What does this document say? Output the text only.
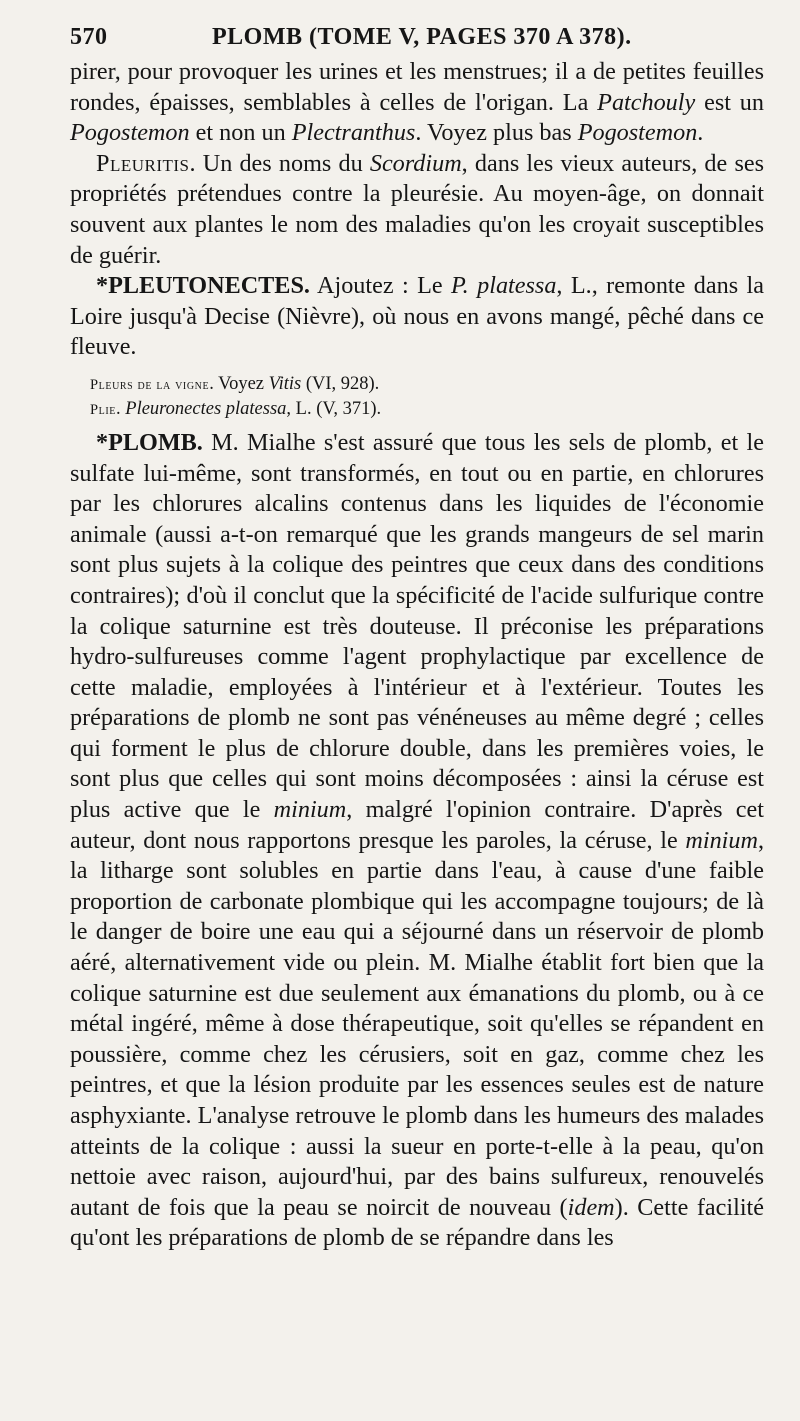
570	PLOMB (TOME V, PAGES 370 A 378).

pirer, pour provoquer les urines et les menstrues; il a de petites feuilles rondes, épaisses, semblables à celles de l'origan. La Patchouly est un Pogostemon et non un Plectranthus. Voyez plus bas Pogostemon.

Pleuritis. Un des noms du Scordium, dans les vieux auteurs, de ses propriétés prétendues contre la pleurésie. Au moyen-âge, on donnait souvent aux plantes le nom des maladies qu'on les croyait susceptibles de guérir.

*PLEUTONECTES. Ajoutez : Le P. platessa, L., remonte dans la Loire jusqu'à Decise (Nièvre), où nous en avons mangé, pêché dans ce fleuve.

Pleurs de la vigne. Voyez Vitis (VI, 928).

Plie. Pleuronectes platessa, L. (V, 371).

*PLOMB. M. Mialhe s'est assuré que tous les sels de plomb, et le sulfate lui-même, sont transformés, en tout ou en partie, en chlorures par les chlorures alcalins contenus dans les liquides de l'économie animale (aussi a-t-on remarqué que les grands mangeurs de sel marin sont plus sujets à la colique des peintres que ceux dans des conditions contraires); d'où il conclut que la spécificité de l'acide sulfurique contre la colique saturnine est très douteuse. Il préconise les préparations hydro-sulfureuses comme l'agent prophylactique par excellence de cette maladie, employées à l'intérieur et à l'extérieur. Toutes les préparations de plomb ne sont pas vénéneuses au même degré ; celles qui forment le plus de chlorure double, dans les premières voies, le sont plus que celles qui sont moins décomposées : ainsi la céruse est plus active que le minium, malgré l'opinion contraire. D'après cet auteur, dont nous rapportons presque les paroles, la céruse, le minium, la litharge sont solubles en partie dans l'eau, à cause d'une faible proportion de carbonate plombique qui les accompagne toujours; de là le danger de boire une eau qui a séjourné dans un réservoir de plomb aéré, alternativement vide ou plein. M. Mialhe établit fort bien que la colique saturnine est due seulement aux émanations du plomb, ou à ce métal ingéré, même à dose thérapeutique, soit qu'elles se répandent en poussière, comme chez les cérusiers, soit en gaz, comme chez les peintres, et que la lésion produite par les essences seules est de nature asphyxiante. L'analyse retrouve le plomb dans les humeurs des malades atteints de la colique : aussi la sueur en porte-t-elle à la peau, qu'on nettoie avec raison, aujourd'hui, par des bains sulfureux, renouvelés autant de fois que la peau se noircit de nouveau (idem). Cette facilité qu'ont les préparations de plomb de se répandre dans les
